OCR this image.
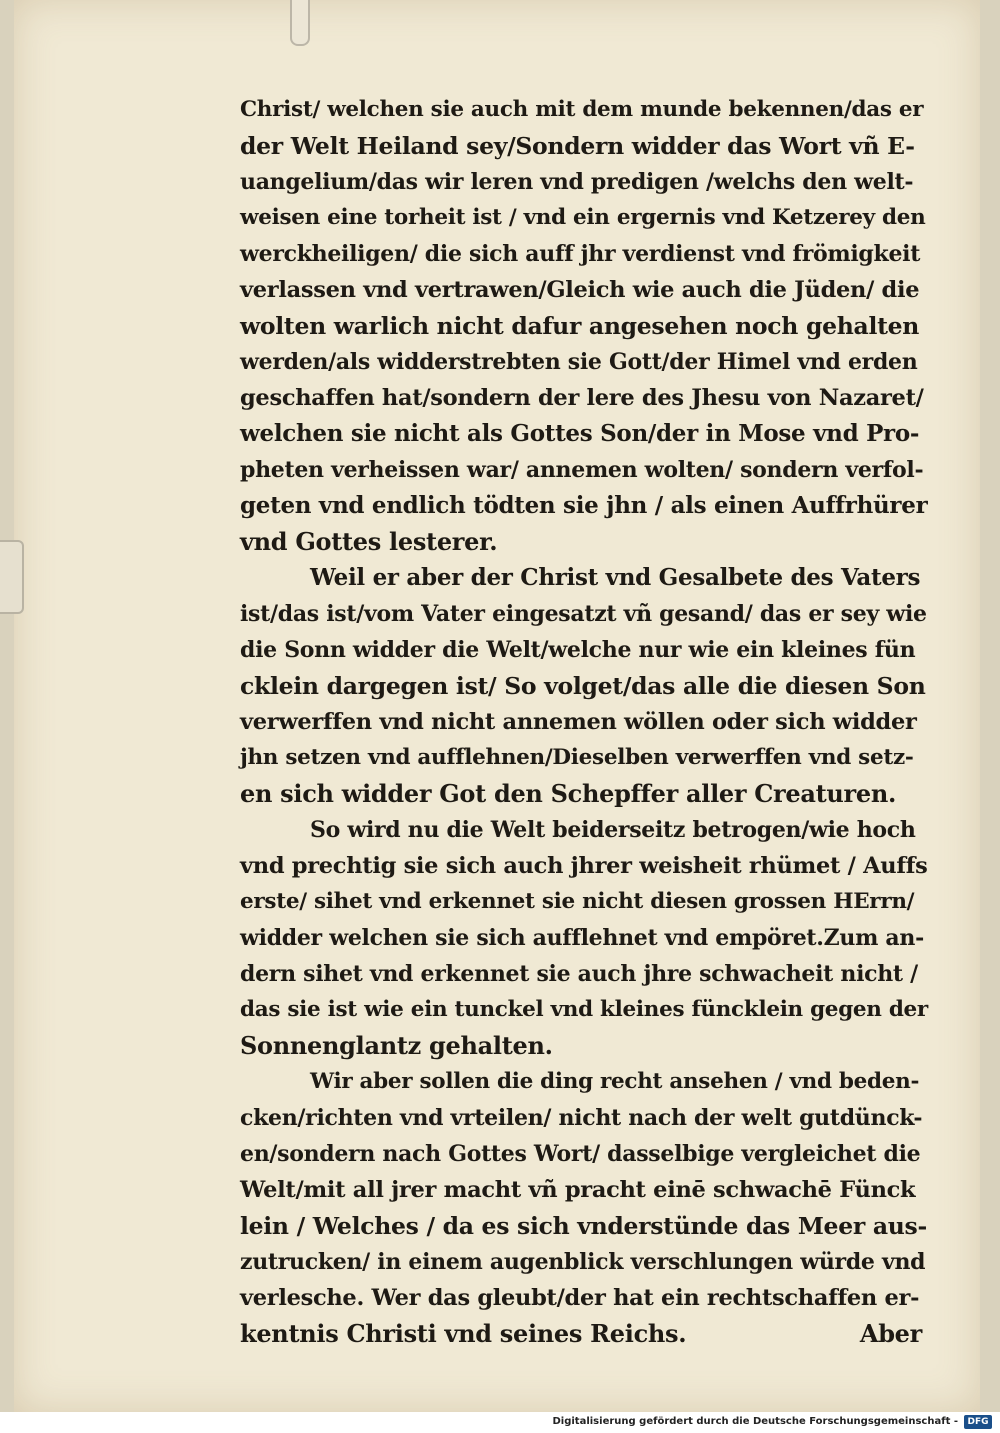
Christ/ welchen sie auch mit dem munde bekennen/das er
der Welt Heiland sey/Sondern widder das Wort vñ E-
uangelium/das wir leren vnd predigen /welchs den welt-
weisen eine torheit ist / vnd ein ergernis vnd Ketzerey den
werckheiligen/ die sich auff jhr verdienst vnd frömigkeit
verlassen vnd vertrawen/Gleich wie auch die Jüden/ die
wolten warlich nicht dafur angesehen noch gehalten
werden/als widderstrebten sie Gott/der Himel vnd erden
geschaffen hat/sondern der lere des Jhesu von Nazaret/
welchen sie nicht als Gottes Son/der in Mose vnd Pro-
pheten verheissen war/ annemen wolten/ sondern verfol-
geten vnd endlich tödten sie jhn / als einen Auffrhürer
vnd Gottes lesterer.
Weil er aber der Christ vnd Gesalbete des Vaters
ist/das ist/vom Vater eingesatzt vñ gesand/ das er sey wie
die Sonn widder die Welt/welche nur wie ein kleines fün
cklein dargegen ist/ So volget/das alle die diesen Son
verwerffen vnd nicht annemen wöllen oder sich widder
jhn setzen vnd aufflehnen/Dieselben verwerffen vnd setz-
en sich widder Got den Schepffer aller Creaturen.
So wird nu die Welt beiderseitz betrogen/wie hoch
vnd prechtig sie sich auch jhrer weisheit rhümet / Auffs
erste/ sihet vnd erkennet sie nicht diesen grossen HErrn/
widder welchen sie sich aufflehnet vnd empöret.Zum an-
dern sihet vnd erkennet sie auch jhre schwacheit nicht /
das sie ist wie ein tunckel vnd kleines füncklein gegen der
Sonnenglantz gehalten.
Wir aber sollen die ding recht ansehen / vnd beden-
cken/richten vnd vrteilen/ nicht nach der welt gutdünck-
en/sondern nach Gottes Wort/ dasselbige vergleichet die
Welt/mit all jrer macht vñ pracht einē schwachē Fünck
lein / Welches / da es sich vnderstünde das Meer aus-
zutrucken/ in einem augenblick verschlungen würde vnd
verlesche. Wer das gleubt/der hat ein rechtschaffen er-
kentnis Christi vnd seines Reichs.	Aber
Digitalisierung gefördert durch die Deutsche Forschungsgemeinschaft -	DFG
